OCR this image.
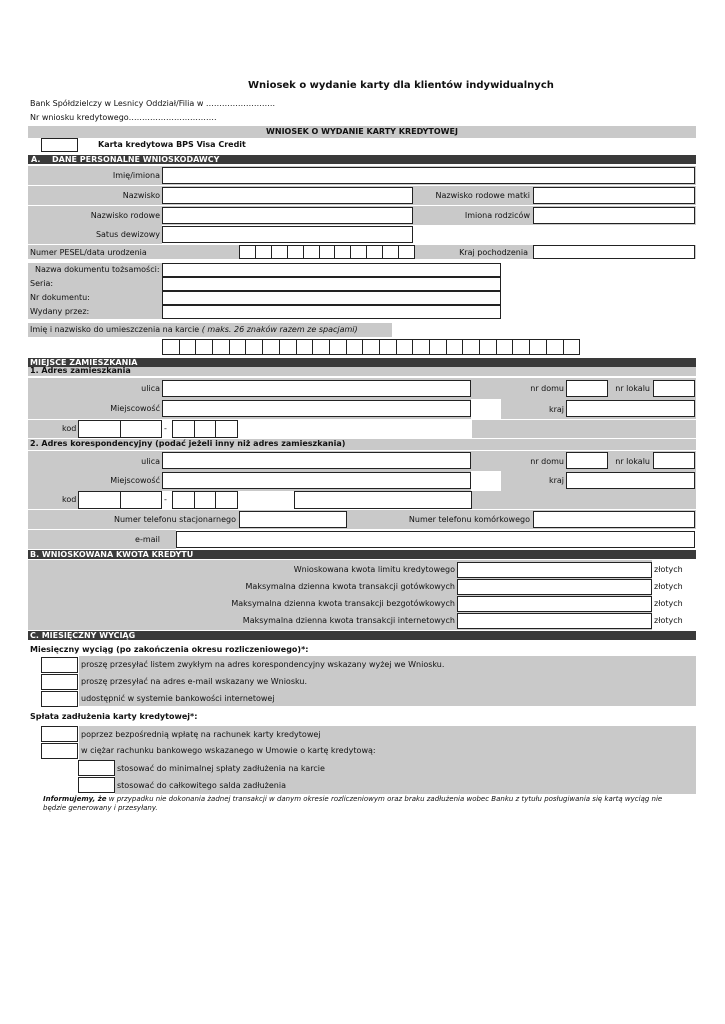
Wniosek o wydanie karty dla klientów indywidualnych
Bank Spółdzielczy w Lesnicy Oddział/Filia w ……………………..
Nr wniosku kredytowego……………………………
WNIOSEK O WYDANIE KARTY KREDYTOWEJ
Karta kredytowa BPS Visa Credit
A. DANE PERSONALNE WNIOSKODAWCY
Imię/imiona
Nazwisko	Nazwisko rodowe matki
Nazwisko rodowe	Imiona rodziców
Satus dewizowy
Numer PESEL/data urodzenia	Kraj pochodzenia
Nazwa dokumentu tożsamości:
Seria:
Nr dokumentu:
Wydany przez:
Imię i nazwisko do umieszczenia na karcie ( maks. 26 znaków razem ze spacjami)
MIEJSCE ZAMIESZKANIA
1. Adres zamieszkania
ulica	nr domu	nr lokalu
Miejscowość	kraj
kod	-
2. Adres korespondencyjny (podać jeżeli inny niż adres zamieszkania)
ulica	nr domu	nr lokalu
Miejscowość	kraj
kod	-
Numer telefonu stacjonarnego	Numer telefonu komórkowego
e-mail
B. WNIOSKOWANA KWOTA KREDYTU
Wnioskowana kwota limitu kredytowego	złotych
Maksymalna dzienna kwota transakcji gotówkowych	złotych
Maksymalna dzienna kwota transakcji bezgotówkowych	złotych
Maksymalna dzienna kwota transakcji internetowych	złotych
C. MIESIĘCZNY WYCIĄG
Miesięczny wyciąg (po zakończenia okresu rozliczeniowego)*:
proszę przesyłać listem zwykłym na adres korespondencyjny wskazany wyżej we Wniosku.
proszę przesyłać na adres e-mail wskazany we Wniosku.
udostępnić w systemie bankowości internetowej
Spłata zadłużenia karty kredytowej*:
poprzez bezpośrednią wpłatę na rachunek karty kredytowej
w ciężar rachunku bankowego wskazanego w Umowie o kartę kredytową:
stosować do minimalnej spłaty zadłużenia na karcie
stosować do całkowitego salda zadłużenia
Informujemy, że w przypadku nie dokonania żadnej transakcji w danym okresie rozliczeniowym oraz braku zadłużenia wobec Banku z tytułu posługiwania się kartą wyciąg nie będzie generowany i przesyłany.
